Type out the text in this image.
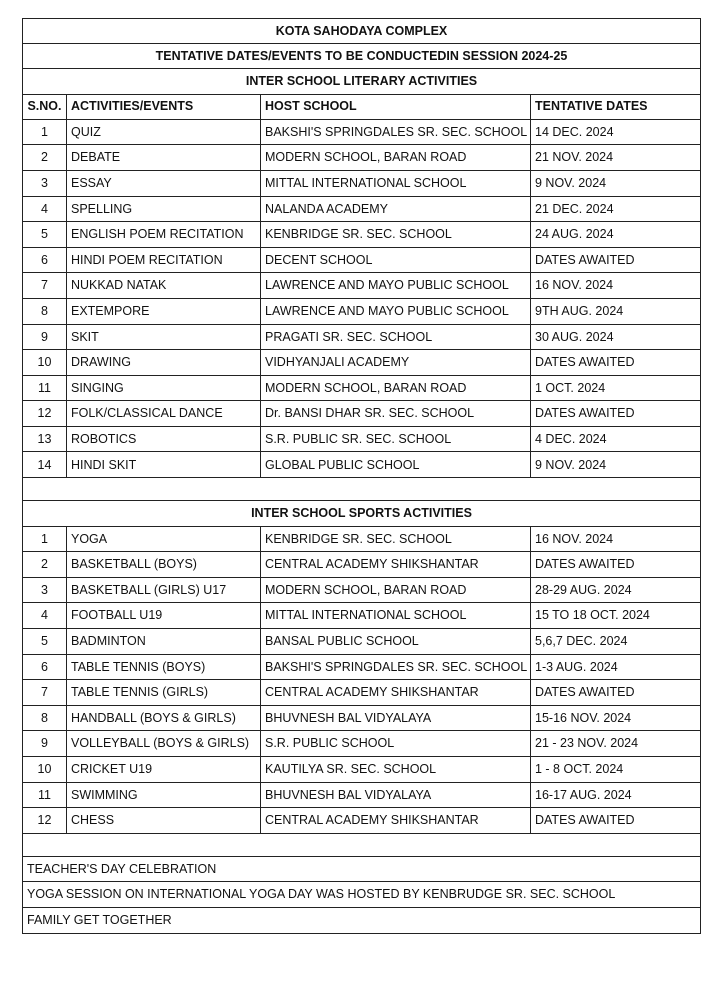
KOTA SAHODAYA COMPLEX			
TENTATIVE DATES/EVENTS TO BE CONDUCTEDIN SESSION 2024-25			
INTER SCHOOL LITERARY ACTIVITIES			
S.NO.	ACTIVITIES/EVENTS	HOST SCHOOL	TENTATIVE DATES
1	QUIZ	BAKSHI'S SPRINGDALES SR. SEC. SCHOOL	14 DEC. 2024
2	DEBATE	MODERN SCHOOL, BARAN ROAD	21 NOV. 2024
3	ESSAY	MITTAL INTERNATIONAL SCHOOL	9 NOV. 2024
4	SPELLING	NALANDA ACADEMY	21 DEC. 2024
5	ENGLISH POEM RECITATION	KENBRIDGE SR. SEC. SCHOOL	24 AUG. 2024
6	HINDI POEM RECITATION	DECENT SCHOOL	DATES AWAITED
7	NUKKAD NATAK	LAWRENCE AND MAYO PUBLIC SCHOOL	16 NOV. 2024
8	EXTEMPORE	LAWRENCE AND MAYO PUBLIC SCHOOL	9TH AUG. 2024
9	SKIT	PRAGATI SR. SEC. SCHOOL	30 AUG. 2024
10	DRAWING	VIDHYANJALI ACADEMY	DATES AWAITED
11	SINGING	MODERN SCHOOL, BARAN ROAD	1 OCT. 2024
12	FOLK/CLASSICAL DANCE	Dr. BANSI DHAR SR. SEC. SCHOOL	DATES AWAITED
13	ROBOTICS	S.R. PUBLIC SR. SEC. SCHOOL	4 DEC. 2024
14	HINDI SKIT	GLOBAL PUBLIC SCHOOL	9 NOV. 2024

INTER SCHOOL SPORTS ACTIVITIES			
1	YOGA	KENBRIDGE SR. SEC. SCHOOL	16 NOV. 2024
2	BASKETBALL (BOYS)	CENTRAL ACADEMY SHIKSHANTAR	DATES AWAITED
3	BASKETBALL (GIRLS) U17	MODERN SCHOOL, BARAN ROAD	28-29 AUG. 2024
4	FOOTBALL U19	MITTAL INTERNATIONAL SCHOOL	15 TO 18 OCT. 2024
5	BADMINTON	BANSAL PUBLIC SCHOOL	5,6,7 DEC. 2024
6	TABLE TENNIS (BOYS)	BAKSHI'S SPRINGDALES SR. SEC. SCHOOL	1-3 AUG. 2024
7	TABLE TENNIS (GIRLS)	CENTRAL ACADEMY SHIKSHANTAR	DATES AWAITED
8	HANDBALL (BOYS & GIRLS)	BHUVNESH BAL VIDYALAYA	15-16 NOV. 2024
9	VOLLEYBALL (BOYS & GIRLS)	S.R. PUBLIC SCHOOL	21 - 23 NOV. 2024
10	CRICKET U19	KAUTILYA SR. SEC. SCHOOL	1 - 8 OCT. 2024
11	SWIMMING	BHUVNESH BAL VIDYALAYA	16-17 AUG. 2024
12	CHESS	CENTRAL ACADEMY SHIKSHANTAR	DATES AWAITED

TEACHER'S DAY CELEBRATION			
YOGA SESSION ON INTERNATIONAL YOGA DAY WAS HOSTED BY KENBRUDGE SR. SEC. SCHOOL			
FAMILY GET TOGETHER			
